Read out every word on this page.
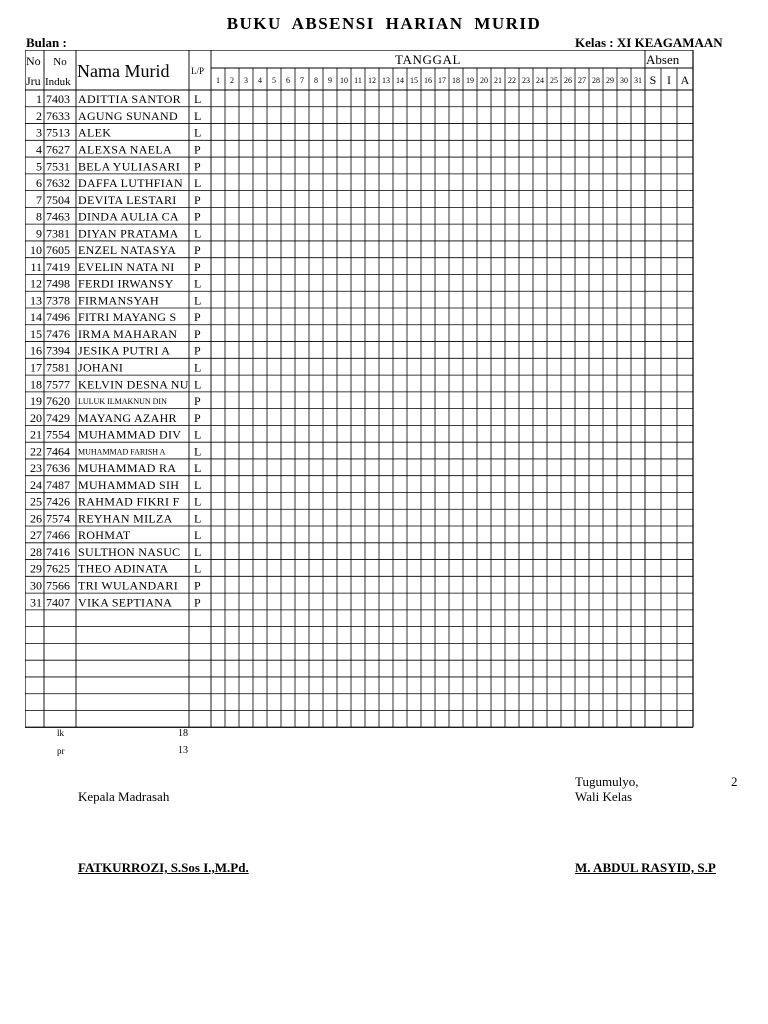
BUKU ABSENSI HARIAN MURID
Bulan :	Kelas : XI KEAGAMAAN
No
Jru
No
Induk
Nama Murid L/P
TANGGAL	Absen
1 2 3 4 5 6 7 8 9 10 11 12 13 14 15 16 17 18 19 20 21 22 23 24 25 26 27 28 29 30 31 S I A
1 7403 ADITTIA SANTOR L
2 7633 AGUNG SUNAND L
3 7513 ALEK	L
4 7627 ALEXSA NAELA P
5 7531 BELA YULIASARI P
6 7632 DAFFA LUTHFIAN L
7 7504 DEVITA LESTARI P
8 7463 DINDA AULIA CA P
9 7381 DIYAN PRATAMA L
10 7605 ENZEL NATASYA P
11 7419 EVELIN NATA NI P
12 7498 FERDI IRWANSY L
13 7378 FIRMANSYAH	L
14 7496 FITRI MAYANG S P
15 7476 IRMA MAHARAN P
16 7394 JESIKA PUTRI A P
17 7581 JOHANI	L
18 7577 KELVIN DESNA NU L
19 7620 LULUK ILMAKNUN DIN P
20 7429 MAYANG AZAHR P
21 7554 MUHAMMAD DIV L
22 7464 MUHAMMAD FARISH A L
23 7636 MUHAMMAD RA L
24 7487 MUHAMMAD SIH L
25 7426 RAHMAD FIKRI F L
26 7574 REYHAN MILZA L
27 7466 ROHMAT	L
28 7416 SULTHON NASUC L
29 7625 THEO ADINATA L
30 7566 TRI WULANDARI P
31 7407 VIKA SEPTIANA P
lk	18
pr	13
Tugumulyo,	2
Kepala Madrasah	Wali Kelas
FATKURROZI, S.Sos I.,M.Pd.	M. ABDUL RASYID, S.P
